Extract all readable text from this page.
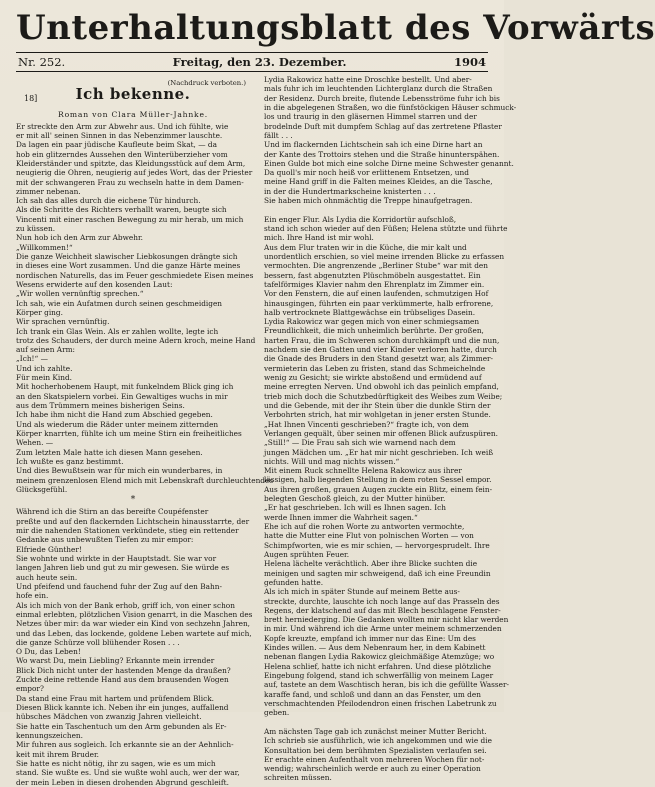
Unterhaltungsblatt des Vorwärts
Nr. 252.	Freitag, den 23. Dezember.	1904
(Nachdruck verboten.)
18]	Ich bekenne.
Roman von Clara Müller-Jahnke.
Er streckte den Arm zur Abwehr aus. Und ich fühlte, wie
er mit all' seinen Sinnen in das Nebenzimmer lauschte.
Da lagen ein paar jüdische Kaufleute beim Skat, — da
hob ein glitzerndes Aussehen den Winterüberzieher vom
Kleiderständer und spitzte, das Kleidungsstück auf dem Arm,
neugierig die Ohren, neugierig auf jedes Wort, das der Priester
mit der schwangeren Frau zu wechseln hatte in dem Damen-
zimmer nebenan.
Ich sah das alles durch die eichene Tür hindurch.
Als die Schritte des Richters verhallt waren, beugte sich
Vincenti mit einer raschen Bewegung zu mir herab, um mich
zu küssen.
Nun hob ich den Arm zur Abwehr.
„Willkommen!“
Die ganze Weichheit slawischer Liebkosungen drängte sich
in dieses eine Wort zusammen. Und die ganze Härte meines
nordischen Naturells, das im Feuer geschmiedete Eisen meines
Wesens erwiderte auf den kosenden Laut:
„Wir wollen vernünftig sprechen.“
Ich sah, wie ein Aufatmen durch seinen geschmeidigen
Körper ging.
Wir sprachen vernünftig.
Ich trank ein Glas Wein. Als er zahlen wollte, legte ich
trotz des Schauders, der durch meine Adern kroch, meine Hand
auf seinen Arm:
„Ich!“ —
Und ich zahlte.
Für mein Kind.
Mit hocherhobenem Haupt, mit funkelndem Blick ging ich
an den Skatspielern vorbei. Ein Gewaltiges wuchs in mir
aus dem Trümmern meines bisherigen Seins.
Ich habe ihm nicht die Hand zum Abschied gegeben.
Und als wiederum die Räder unter meinem zitternden
Körper knarrten, fühlte ich um meine Stirn ein freiheitliches
Wehen. —
Zum letzten Male hatte ich diesen Mann gesehen.
Ich wußte es ganz bestimmt.
Und dies Bewußtsein war für mich ein wunderbares, in
meinem grenzenlosen Elend mich mit Lebenskraft durchleuchtendes
Glücksgefühl.
*
Während ich die Stirn an das bereifte Coupéfenster
preßte und auf den flackernden Lichtschein hinausstarrte, der
mir die nahenden Stationen verkündete, stieg ein rettender
Gedanke aus unbewußten Tiefen zu mir empor:
Elfriede Günther!
Sie wohnte und wirkte in der Hauptstadt. Sie war vor
langen Jahren lieb und gut zu mir gewesen. Sie würde es
auch heute sein.
Und pfeifend und fauchend fuhr der Zug auf den Bahn-
hofe ein.
Als ich mich von der Bank erhob, griff ich, von einer schon
einmal erlebten, plötzlichen Vision genarrt, in die Maschen des
Netzes über mir: da war wieder ein Kind von sechzehn Jahren,
und das Leben, das lockende, goldene Leben wartete auf mich,
die ganze Schürze voll blühender Rosen . . .
O Du, das Leben!
Wo warst Du, mein Liebling? Erkannte mein irrender
Blick Dich nicht unter der hastenden Menge da draußen?
Zuckte deine rettende Hand aus dem brausenden Wogen
empor?
Da stand eine Frau mit hartem und prüfendem Blick.
Diesen Blick kannte ich. Neben ihr ein junges, auffallend
hübsches Mädchen von zwanzig Jahren vielleicht.
Sie hatte ein Taschentuch um den Arm gebunden als Er-
kennungszeichen.
Mir fuhren aus sogleich. Ich erkannte sie an der Aehnlich-
keit mit ihrem Bruder.
Sie hatte es nicht nötig, ihr zu sagen, wie es um mich
stand. Sie wußte es. Und sie wußte wohl auch, wer der war,
der mein Leben in diesen drohenden Abgrund geschleift.
Lydia Rakowicz hatte eine Droschke bestellt. Und aber-
mals fuhr ich im leuchtenden Lichterglanz durch die Straßen
der Residenz. Durch breite, flutende Lebensströme fuhr ich bis
in die abgelegenen Straßen, wo die fünfstöckigen Häuser schmuck-
los und traurig in den gläsernen Himmel starren und der
brodelnde Duft mit dumpfem Schlag auf das zertretene Pflaster
fällt . . .
Und im flackernden Lichtschein sah ich eine Dirne hart an
der Kante des Trottoirs stehen und die Straße hinunterspähen.
Einen Gulde bot mich eine solche Dirne meine Schwester genannt.
Da quoll's mir noch heiß vor erlittenem Entsetzen, und
meine Hand griff in die Falten meines Kleides, an die Tasche,
in der die Hundertmarkscheine knisterten . . .
Sie haben mich ohnmächtig die Treppe hinaufgetragen.

Ein enger Flur. Als Lydia die Korridortür aufschloß,
stand ich schon wieder auf den Füßen; Helena stützte und führte
mich. Ihre Hand ist mir wohl.
Aus dem Flur traten wir in die Küche, die mir kalt und
unordentlich erschien, so viel meine irrenden Blicke zu erfassen
vermochten. Die angrenzende „Berliner Stube“ war mit den
bessern, fast abgenutzten Plüschmöbeln ausgestattet. Ein
tafelförmiges Klavier nahm den Ehrenplatz im Zimmer ein.
Vor den Fenstern, die auf einen laufenden, schmutzigen Hof
hinausgingen, führten ein paar verkümmerte, halb erfrorene,
halb vertrocknete Blattgewächse ein trübseliges Dasein.
Lydia Rakowicz war gegen mich von einer schmiegsamen
Freundlichkeit, die mich unheimlich berührte. Der großen,
harten Frau, die im Schweren schon durchkämpft und die nun,
nachdem sie den Gatten und vier Kinder verloren hatte, durch
die Gnade des Bruders in den Stand gesetzt war, als Zimmer-
vermieterin das Leben zu fristen, stand das Schmeichelnde
wenig zu Gesicht; sie wirkte abstoßend und ermüdend auf
meine erregten Nerven. Und obwohl ich das peinlich empfand,
trieb mich doch die Schutzbedürftigkeit des Weibes zum Weibe;
und die Gebende, mit der ihr Stein über die dunkle Stirn der
Verbohrten strich, hat mir wohlgetan in jener ersten Stunde.
„Hat Ihnen Vincenti geschrieben?“ fragte ich, von dem
Verlangen gequält, über seinen mir offenen Blick aufzuspüren.
„Still!“ — Die Frau sah sich wie warnend nach dem
jungen Mädchen um. „Er hat mir nicht geschrieben. Ich weiß
nichts. Will und mag nichts wissen.“
Mit einem Ruck schnellte Helena Rakowicz aus ihrer
lässigen, halb liegenden Stellung in dem roten Sessel empor.
Aus ihren großen, grauen Augen zuckte ein Blitz, einem fein-
belegten Geschoß gleich, zu der Mutter hinüber.
„Er hat geschrieben. Ich will es Ihnen sagen. Ich
werde Ihnen immer die Wahrheit sagen.“
Ehe ich auf die rohen Worte zu antworten vermochte,
hatte die Mutter eine Flut von polnischen Worten — von
Schimpfworten, wie es mir schien, — hervorgesprudelt. Ihre
Augen sprühten Feuer.
Helena lächelte verächtlich. Aber ihre Blicke suchten die
meinigen und sagten mir schweigend, daß ich eine Freundin
gefunden hatte.
Als ich mich in später Stunde auf meinem Bette aus-
streckte, durchte, lauschte ich noch lange auf das Prasseln des
Regens, der klatschend auf das mit Blech beschlagene Fenster-
brett herniederging. Die Gedanken wollten mir nicht klar werden
in mir. Und während ich die Arme unter meinem schmerzenden
Kopfe kreuzte, empfand ich immer nur das Eine: Um des
Kindes willen. — Aus dem Nebenraum her, in dem Kabinett
nebenan flangen Lydia Rakowicz gleichmäßige Atemzüge; wo
Helena schlief, hatte ich nicht erfahren. Und diese plötzliche
Eingebung folgend, stand ich schwerfällig von meinem Lager
auf, tastete an dem Waschtisch heran, bis ich die gefüllte Wasser-
karaffe fand, und schloß und dann an das Fenster, um den
verschmachtenden Pfeilodendron einen frischen Labetrunk zu
geben.

Am nächsten Tage gab ich zunächst meiner Mutter Bericht.
Ich schrieb sie ausführlich, wie ich angekommen und wie die
Konsultation bei dem berühmten Spezialisten verlaufen sei.
Er erachte einen Aufenthalt von mehreren Wochen für not-
wendig; wahrscheinlich werde er auch zu einer Operation
schreiten müssen.
